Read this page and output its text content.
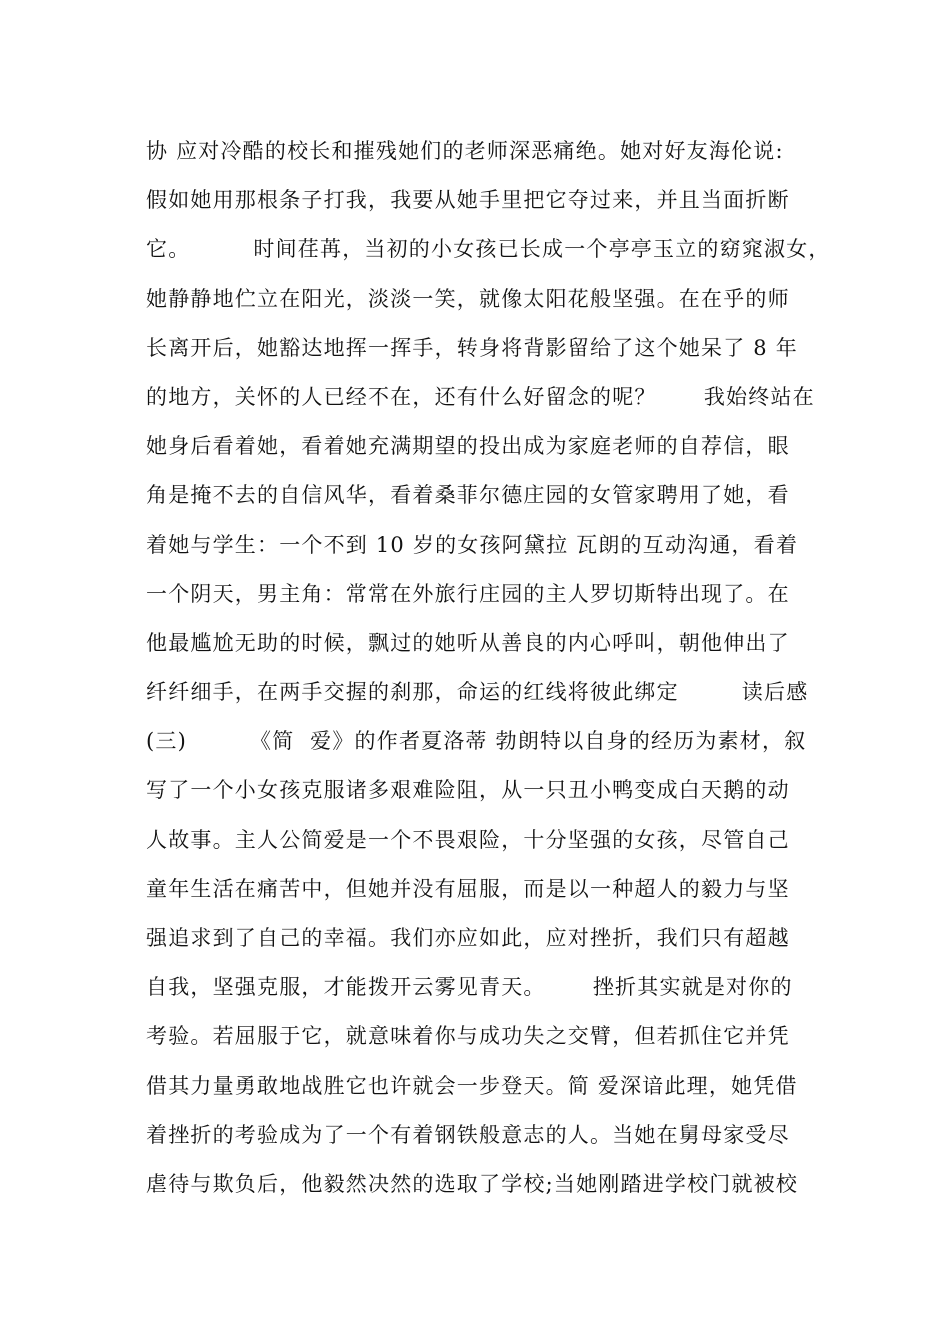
协 应对冷酷的校长和摧残她们的老师深恶痛绝。她对好友海伦说:
假如她用那根条子打我，我要从她手里把它夺过来，并且当面折断
它。        时间荏苒，当初的小女孩已长成一个亭亭玉立的窈窕淑女，
她静静地伫立在阳光，淡淡一笑，就像太阳花般坚强。在在乎的师
长离开后，她豁达地挥一挥手，转身将背影留给了这个她呆了 8 年
的地方，关怀的人已经不在，还有什么好留念的呢？      我始终站在
她身后看着她，看着她充满期望的投出成为家庭老师的自荐信，眼
角是掩不去的自信风华，看着桑菲尔德庄园的女管家聘用了她，看
着她与学生：一个不到 10 岁的女孩阿黛拉 瓦朗的互动沟通，看着
一个阴天，男主角：常常在外旅行庄园的主人罗切斯特出现了。在
他最尴尬无助的时候，飘过的她听从善良的内心呼叫，朝他伸出了
纤纤细手，在两手交握的刹那，命运的红线将彼此绑定        读后感
(三)        《简  爱》的作者夏洛蒂 勃朗特以自身的经历为素材，叙
写了一个小女孩克服诸多艰难险阻，从一只丑小鸭变成白天鹅的动
人故事。主人公简爱是一个不畏艰险，十分坚强的女孩，尽管自己
童年生活在痛苦中，但她并没有屈服，而是以一种超人的毅力与坚
强追求到了自己的幸福。我们亦应如此，应对挫折，我们只有超越
自我，坚强克服，才能拨开云雾见青天。      挫折其实就是对你的
考验。若屈服于它，就意味着你与成功失之交臂，但若抓住它并凭
借其力量勇敢地战胜它也许就会一步登天。简 爱深谙此理，她凭借
着挫折的考验成为了一个有着钢铁般意志的人。当她在舅母家受尽
虐待与欺负后，他毅然决然的选取了学校;当她刚踏进学校门就被校
